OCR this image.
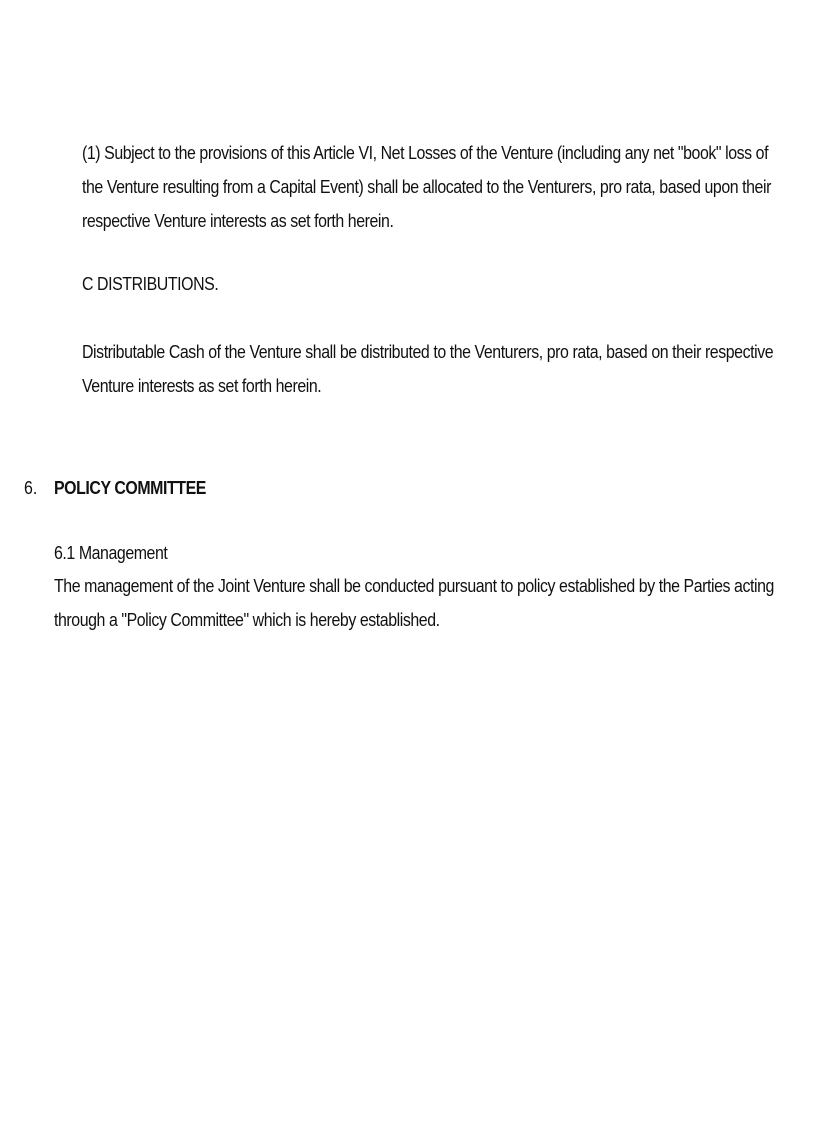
(1) Subject to the provisions of this Article VI, Net Losses of the Venture (including any net "book" loss of the Venture resulting from a Capital Event) shall be allocated to the Venturers, pro rata, based upon their respective Venture interests as set forth herein.
C DISTRIBUTIONS.
Distributable Cash of the Venture shall be distributed to the Venturers, pro rata, based on their respective Venture interests as set forth herein.
6. POLICY COMMITTEE
6.1 Management
The management of the Joint Venture shall be conducted pursuant to policy established by the Parties acting through a "Policy Committee" which is hereby established.
